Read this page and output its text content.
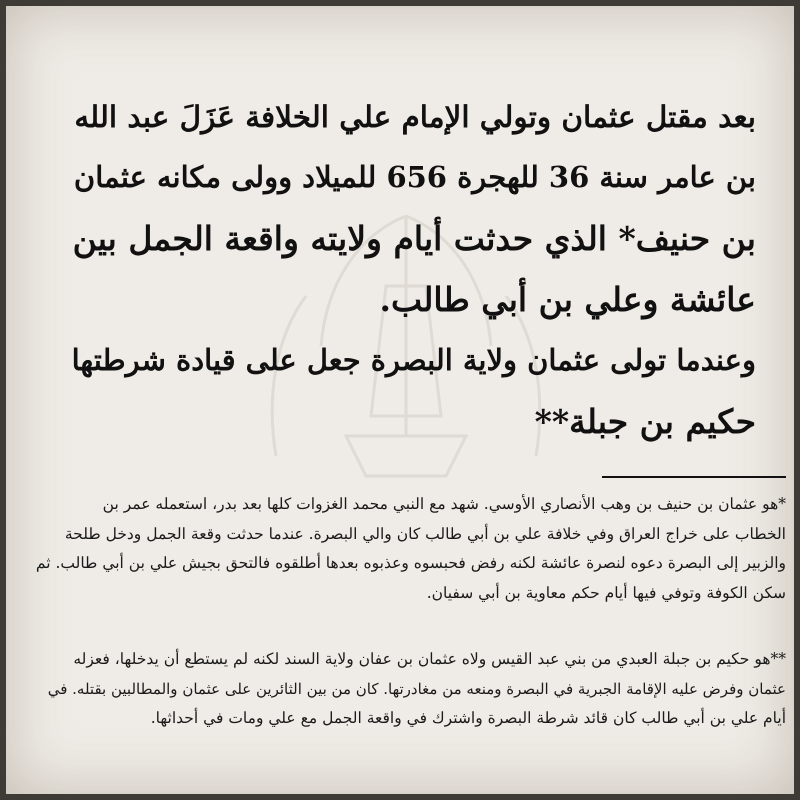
بعد مقتل عثمان وتولي الإمام علي الخلافة عَزَلَ عبد الله
بن عامر سنة 36 للهجرة 656 للميلاد وولى مكانه عثمان
بن حنيف* الذي حدثت أيام ولايته واقعة الجمل بين
عائشة وعلي بن أبي طالب.
وعندما تولى عثمان ولاية البصرة جعل على قيادة شرطتها
حكيم بن جبلة**
*هو عثمان بن حنيف بن وهب الأنصاري الأوسي. شهد مع النبي محمد الغزوات كلها بعد بدر، استعمله عمر بن
الخطاب على خراج العراق وفي خلافة علي بن أبي طالب كان والي البصرة. عندما حدثت وقعة الجمل ودخل طلحة
والزبير إلى البصرة دعوه لنصرة عائشة لكنه رفض فحبسوه وعذبوه بعدها أطلقوه فالتحق بجيش علي بن أبي طالب. ثم
سكن الكوفة وتوفي فيها أيام حكم معاوية بن أبي سفيان.
**هو حكيم بن جبلة العبدي من بني عبد القيس ولاه عثمان بن عفان ولاية السند لكنه لم يستطع أن يدخلها، فعزله
عثمان وفرض عليه الإقامة الجبرية في البصرة ومنعه من مغادرتها. كان من بين الثائرين على عثمان والمطالبين بقتله. في
أيام علي بن أبي طالب كان قائد شرطة البصرة واشترك في واقعة الجمل مع علي ومات في أحداثها.
